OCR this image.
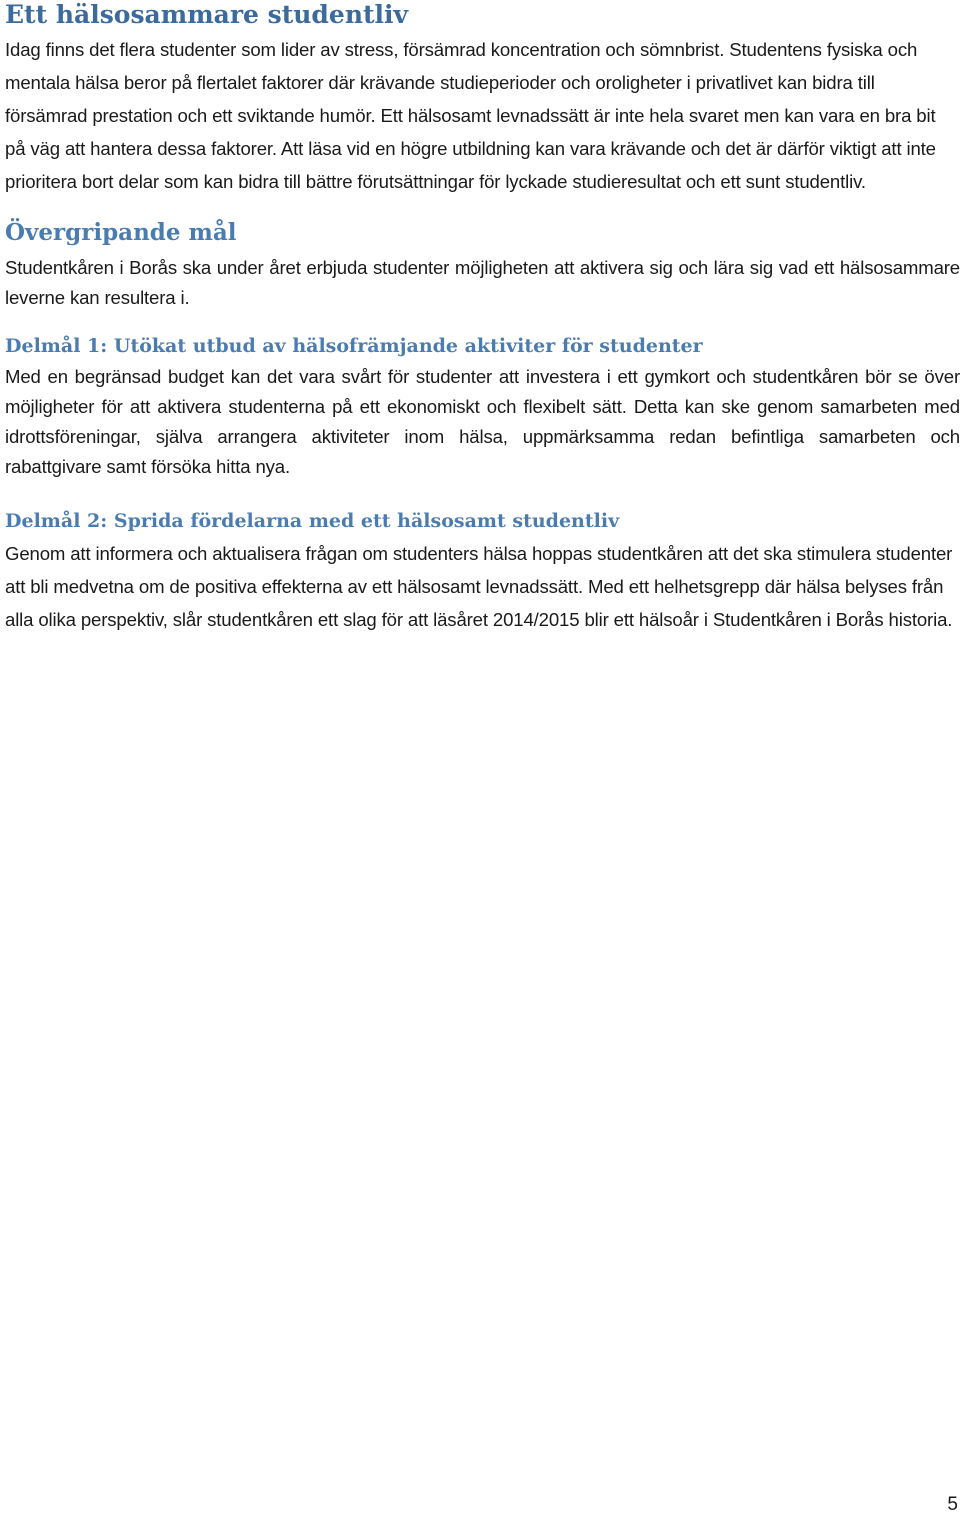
Ett hälsosammare studentliv

Idag finns det flera studenter som lider av stress, försämrad koncentration och sömnbrist. Studentens fysiska och mentala hälsa beror på flertalet faktorer där krävande studieperioder och oroligheter i privatlivet kan bidra till försämrad prestation och ett sviktande humör. Ett hälsosamt levnadssätt är inte hela svaret men kan vara en bra bit på väg att hantera dessa faktorer. Att läsa vid en högre utbildning kan vara krävande och det är därför viktigt att inte prioritera bort delar som kan bidra till bättre förutsättningar för lyckade studieresultat och ett sunt studentliv.

Övergripande mål

Studentkåren i Borås ska under året erbjuda studenter möjligheten att aktivera sig och lära sig vad ett hälsosammare leverne kan resultera i.

Delmål 1: Utökat utbud av hälsofrämjande aktiviter för studenter

Med en begränsad budget kan det vara svårt för studenter att investera i ett gymkort och studentkåren bör se över möjligheter för att aktivera studenterna på ett ekonomiskt och flexibelt sätt. Detta kan ske genom samarbeten med idrottsföreningar, själva arrangera aktiviteter inom hälsa, uppmärksamma redan befintliga samarbeten och rabattgivare samt försöka hitta nya.

Delmål 2: Sprida fördelarna med ett hälsosamt studentliv

Genom att informera och aktualisera frågan om studenters hälsa hoppas studentkåren att det ska stimulera studenter att bli medvetna om de positiva effekterna av ett hälsosamt levnadssätt. Med ett helhetsgrepp där hälsa belyses från alla olika perspektiv, slår studentkåren ett slag för att läsåret 2014/2015 blir ett hälsoår i Studentkåren i Borås historia.

5
